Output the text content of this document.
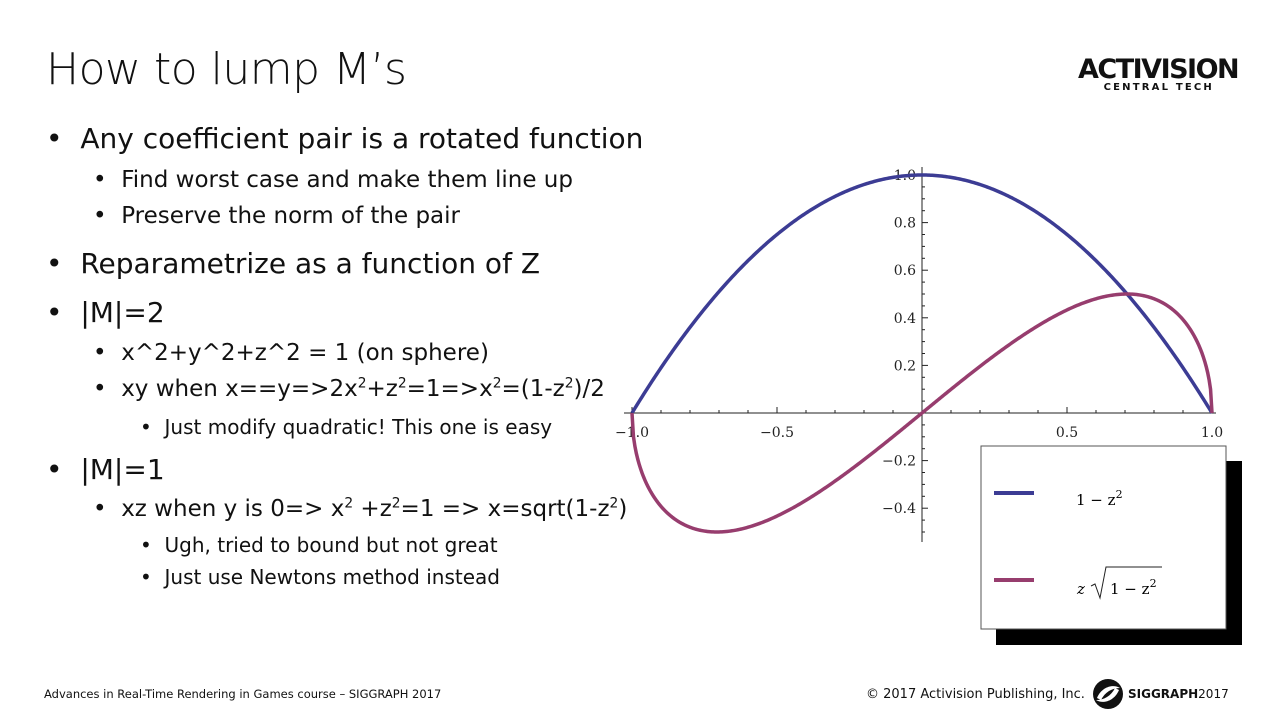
How to lump M’s	ACTIVISION
CENTRAL TECH
•  Any coefficient pair is a rotated function
•  Find worst case and make them line up
•  Preserve the norm of the pair
•  Reparametrize as a function of Z
•  |M|=2
•  x^2+y^2+z^2 = 1 (on sphere)
•  xy when $x==y=>2x^2+z^2=1=>x^2=(1-z^2)/2$
•  Just modify quadratic! This one is easy
•  |M|=1
•  xz when y is $0=> x^2 +z^2=1$ => $x=sqrt(1-z^2)$
•  Ugh, tried to bound but not great
•  Just use Newtons method instead
−1.0	−0.5	0.5	1.0
−0.4
−0.2
0.2
0.4
0.6
0.8
1.0
$1 - z^2$
z $1 - z^2$
Advances in Real-Time Rendering in Games course – SIGGRAPH 2017	© 2017 Activision Publishing, Inc.	SIGGRAPH2017
